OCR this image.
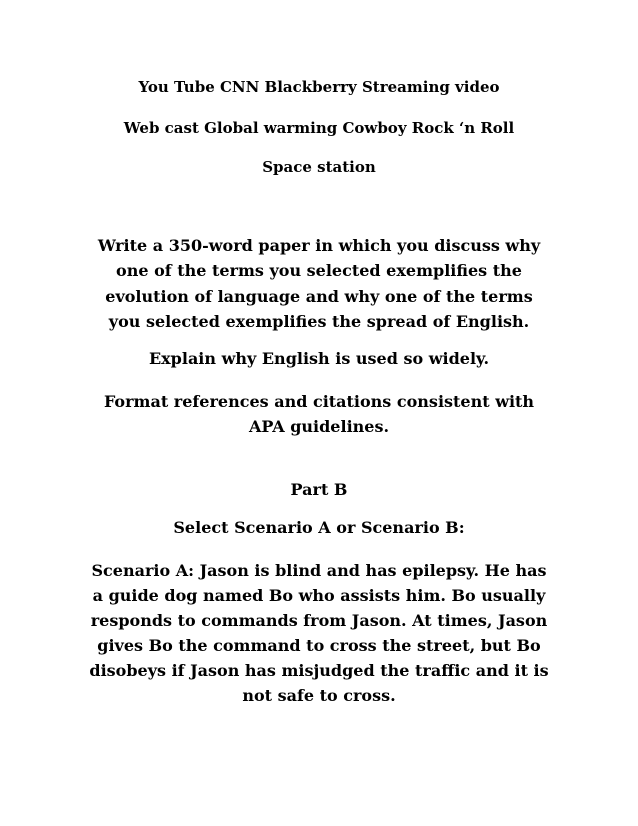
You Tube CNN Blackberry Streaming video

Web cast Global warming Cowboy Rock ‘n Roll

Space station

Write a 350-word paper in which you discuss why

one of the terms you selected exemplifies the

evolution of language and why one of the terms

you selected exemplifies the spread of English.

Explain why English is used so widely.

Format references and citations consistent with

APA guidelines.

Part B

Select Scenario A or Scenario B:

Scenario A: Jason is blind and has epilepsy. He has

a guide dog named Bo who assists him. Bo usually

responds to commands from Jason. At times, Jason

gives Bo the command to cross the street, but Bo

disobeys if Jason has misjudged the traffic and it is

not safe to cross.
